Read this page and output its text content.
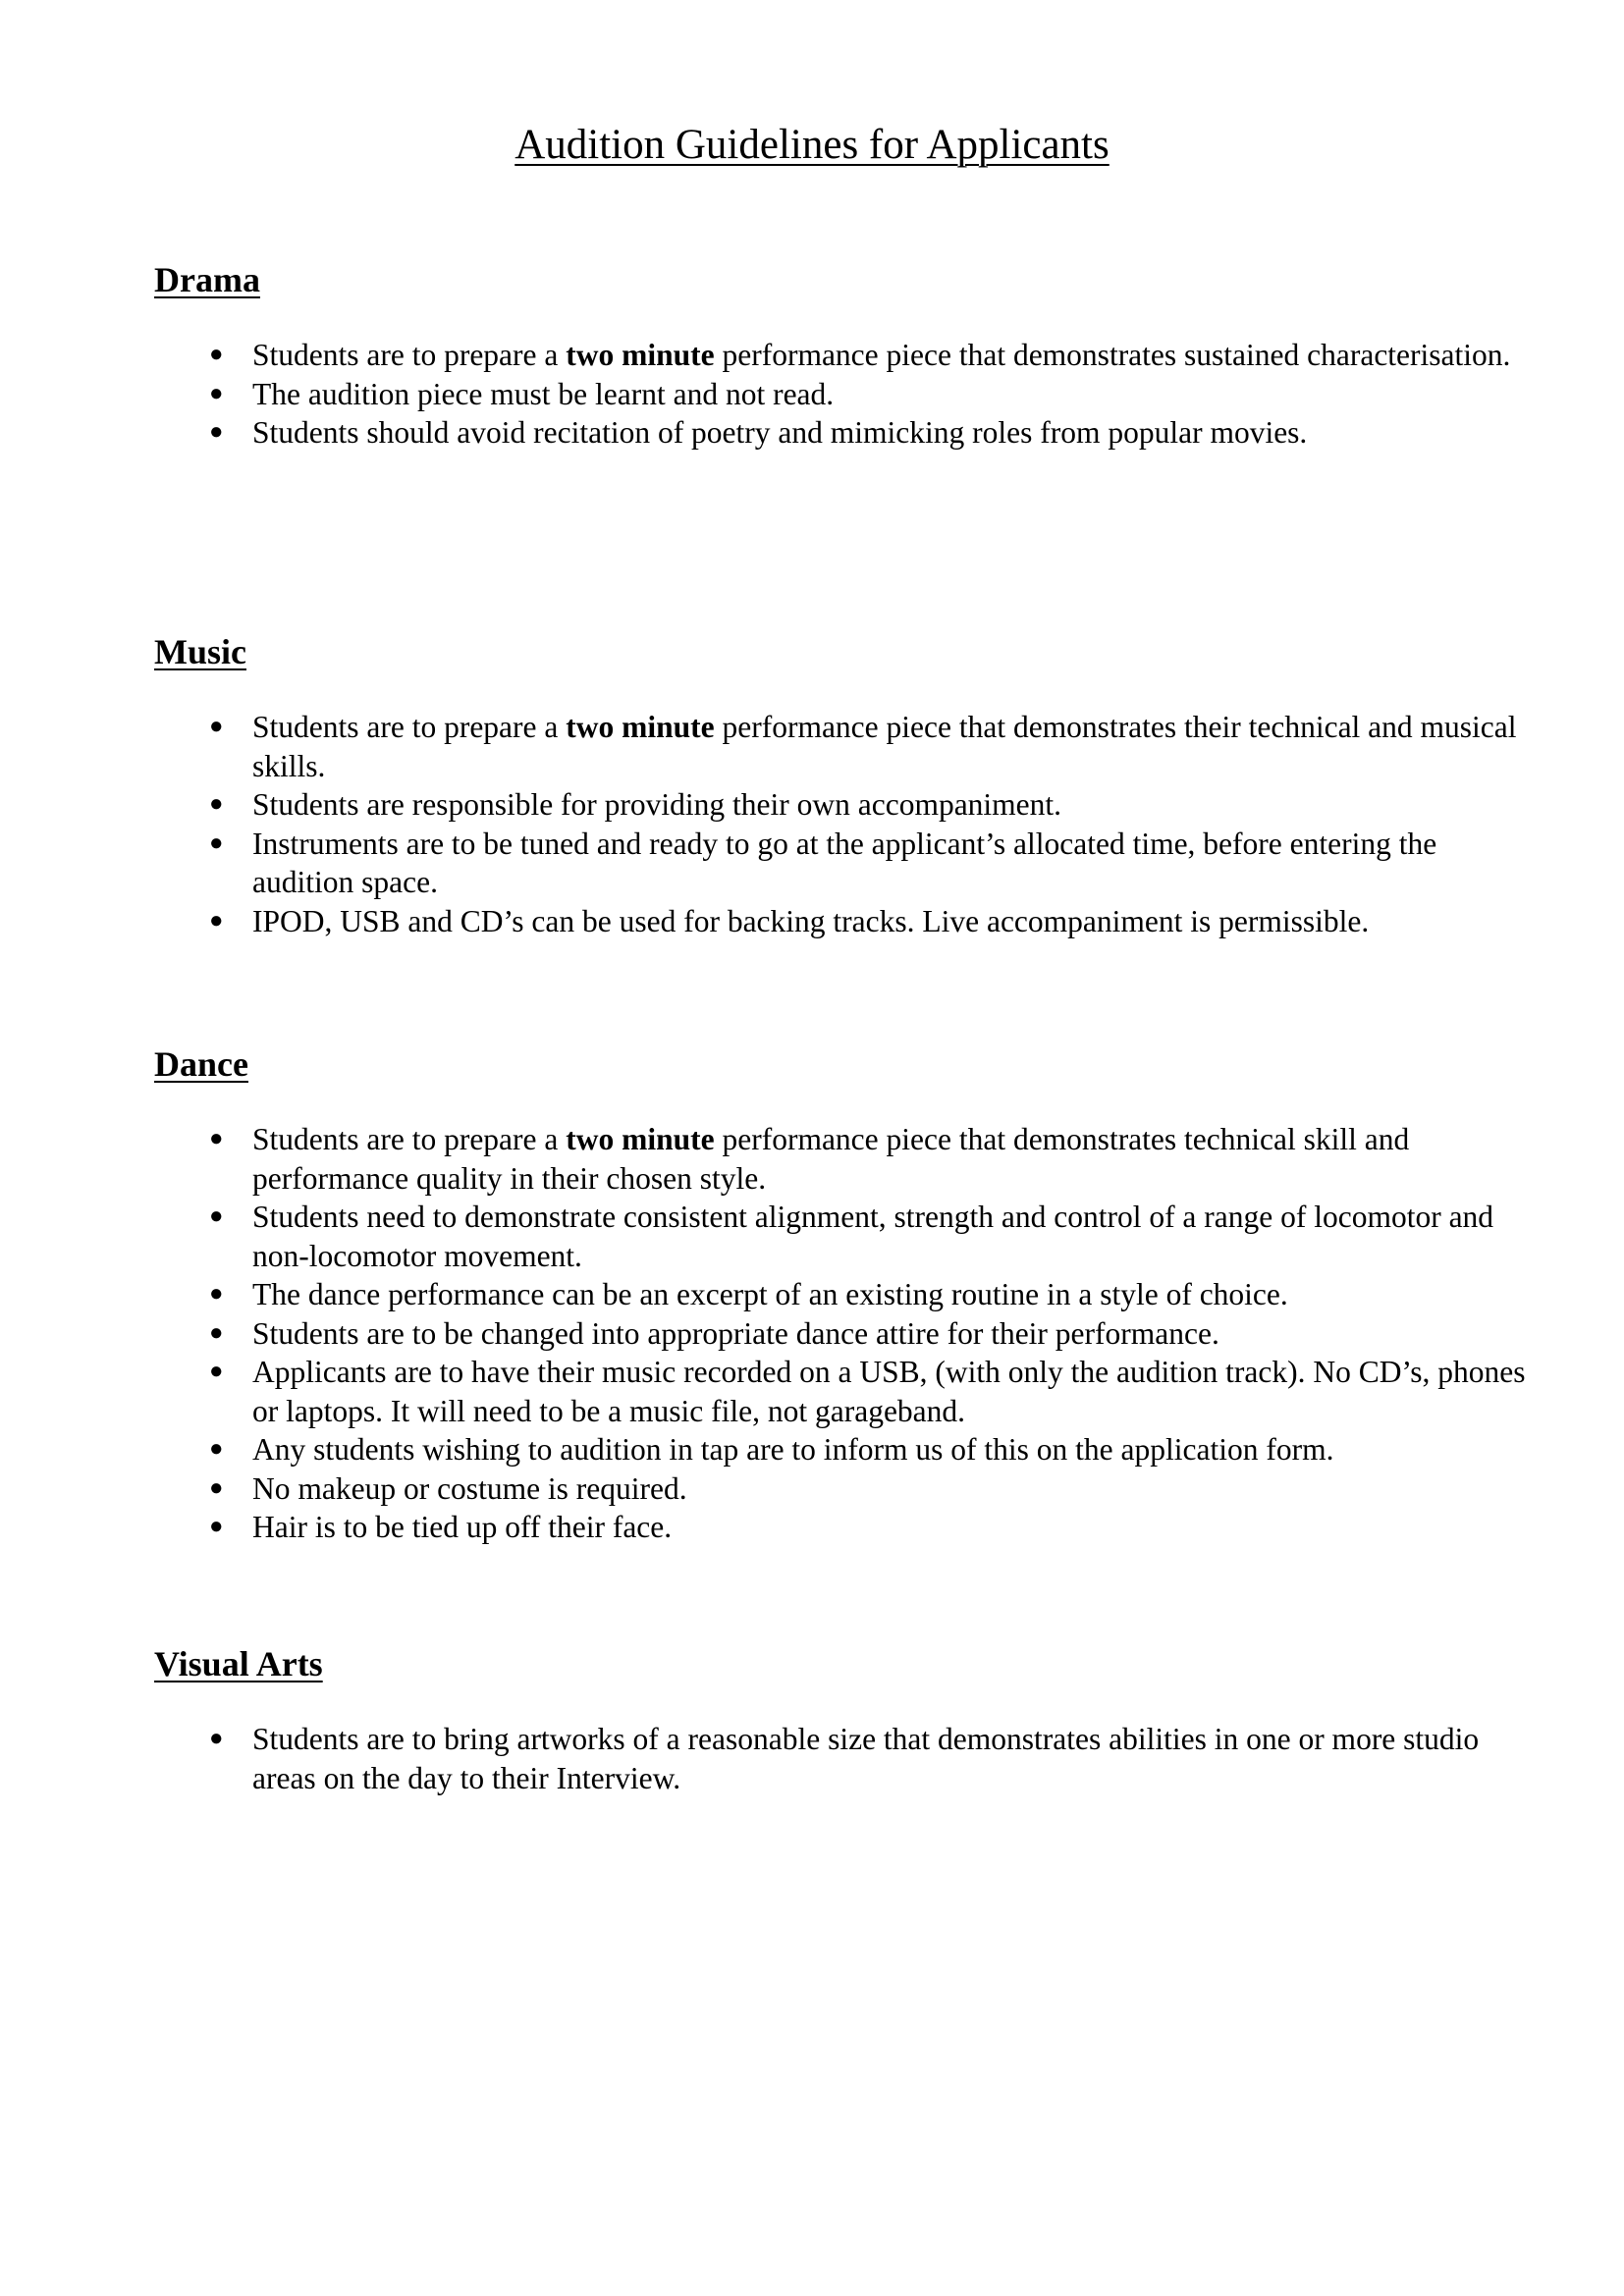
Audition Guidelines for Applicants
Drama
● Students are to prepare a two minute performance piece that demonstrates sustained characterisation.
● The audition piece must be learnt and not read.
● Students should avoid recitation of poetry and mimicking roles from popular movies.
Music
● Students are to prepare a two minute performance piece that demonstrates their technical and musical skills.
● Students are responsible for providing their own accompaniment.
● Instruments are to be tuned and ready to go at the applicant’s allocated time, before entering the audition space.
● IPOD, USB and CD’s can be used for backing tracks. Live accompaniment is permissible.
Dance
● Students are to prepare a two minute performance piece that demonstrates technical skill and performance quality in their chosen style.
● Students need to demonstrate consistent alignment, strength and control of a range of locomotor and non-locomotor movement.
● The dance performance can be an excerpt of an existing routine in a style of choice.
● Students are to be changed into appropriate dance attire for their performance.
● Applicants are to have their music recorded on a USB, (with only the audition track). No CD’s, phones or laptops. It will need to be a music file, not garageband.
● Any students wishing to audition in tap are to inform us of this on the application form.
● No makeup or costume is required.
● Hair is to be tied up off their face.
Visual Arts
● Students are to bring artworks of a reasonable size that demonstrates abilities in one or more studio areas on the day to their Interview.
